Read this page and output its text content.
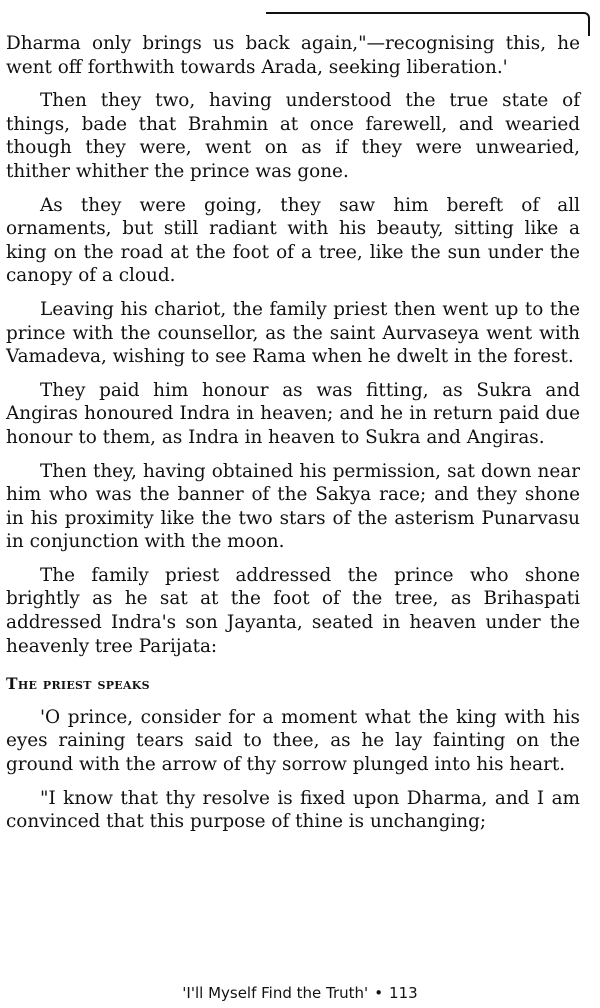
Dharma only brings us back again,"—recognising this, he went off forthwith towards Arada, seeking liberation.'

Then they two, having understood the true state of things, bade that Brahmin at once farewell, and wearied though they were, went on as if they were unwearied, thither whither the prince was gone.

As they were going, they saw him bereft of all ornaments, but still radiant with his beauty, sitting like a king on the road at the foot of a tree, like the sun under the canopy of a cloud.

Leaving his chariot, the family priest then went up to the prince with the counsellor, as the saint Aurvaseya went with Vamadeva, wishing to see Rama when he dwelt in the forest.

They paid him honour as was fitting, as Sukra and Angiras honoured Indra in heaven; and he in return paid due honour to them, as Indra in heaven to Sukra and Angiras.

Then they, having obtained his permission, sat down near him who was the banner of the Sakya race; and they shone in his proximity like the two stars of the asterism Punarvasu in conjunction with the moon.

The family priest addressed the prince who shone brightly as he sat at the foot of the tree, as Brihaspati addressed Indra's son Jayanta, seated in heaven under the heavenly tree Parijata:

The priest speaks

'O prince, consider for a moment what the king with his eyes raining tears said to thee, as he lay fainting on the ground with the arrow of thy sorrow plunged into his heart.

"I know that thy resolve is fixed upon Dharma, and I am convinced that this purpose of thine is unchanging;

'I'll Myself Find the Truth' • 113
